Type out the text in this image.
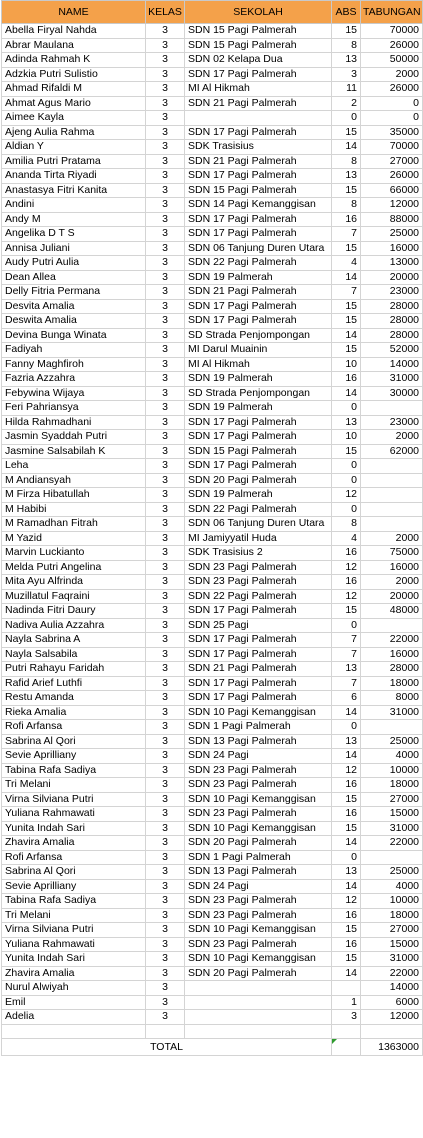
NAME	KELAS	SEKOLAH	ABS	TABUNGAN
Abella Firyal Nahda	3	SDN 15 Pagi Palmerah	15	70000
Abrar Maulana	3	SDN 15 Pagi Palmerah	8	26000
Adinda Rahmah K	3	SDN 02 Kelapa Dua	13	50000
Adzkia Putri Sulistio	3	SDN 17 Pagi Palmerah	3	2000
Ahmad Rifaldi M	3	MI Al Hikmah	11	26000
Ahmat Agus Mario	3	SDN 21 Pagi Palmerah	2	0
Aimee Kayla	3		0	0
Ajeng Aulia Rahma	3	SDN 17 Pagi Palmerah	15	35000
Aldian Y	3	SDK Trasisius	14	70000
Amilia Putri Pratama	3	SDN 21 Pagi Palmerah	8	27000
Ananda Tirta Riyadi	3	SDN 17 Pagi Palmerah	13	26000
Anastasya Fitri Kanita	3	SDN 15 Pagi Palmerah	15	66000
Andini	3	SDN 14 Pagi Kemanggisan	8	12000
Andy M	3	SDN 17 Pagi Palmerah	16	88000
Angelika D T S	3	SDN 17 Pagi Palmerah	7	25000
Annisa Juliani	3	SDN 06 Tanjung Duren Utara	15	16000
Audy Putri Aulia	3	SDN 22 Pagi Palmerah	4	13000
Dean Allea	3	SDN 19 Palmerah	14	20000
Delly Fitria Permana	3	SDN 21 Pagi Palmerah	7	23000
Desvita Amalia	3	SDN 17 Pagi Palmerah	15	28000
Deswita Amalia	3	SDN 17 Pagi Palmerah	15	28000
Devina Bunga Winata	3	SD Strada Penjompongan	14	28000
Fadiyah	3	MI Darul Muainin	15	52000
Fanny Maghfiroh	3	MI Al Hikmah	10	14000
Fazria Azzahra	3	SDN 19 Palmerah	16	31000
Febywina Wijaya	3	SD Strada Penjompongan	14	30000
Feri Pahriansya	3	SDN 19 Palmerah	0	
Hilda Rahmadhani	3	SDN 17 Pagi Palmerah	13	23000
Jasmin Syaddah Putri	3	SDN 17 Pagi Palmerah	10	2000
Jasmine Salsabilah K	3	SDN 15 Pagi Palmerah	15	62000
Leha	3	SDN 17 Pagi Palmerah	0	
M Andiansyah	3	SDN 20 Pagi Palmerah	0	
M Firza Hibatullah	3	SDN 19 Palmerah	12	
M Habibi	3	SDN 22 Pagi Palmerah	0	
M Ramadhan Fitrah	3	SDN 06 Tanjung Duren Utara	8	
M Yazid	3	MI Jamiyyatil Huda	4	2000
Marvin Luckianto	3	SDK Trasisius 2	16	75000
Melda Putri Angelina	3	SDN 23 Pagi Palmerah	12	16000
Mita Ayu Alfrinda	3	SDN 23 Pagi Palmerah	16	2000
Muzillatul Faqraini	3	SDN 22 Pagi Palmerah	12	20000
Nadinda Fitri Daury	3	SDN 17 Pagi Palmerah	15	48000
Nadiva Aulia Azzahra	3	SDN 25 Pagi	0	
Nayla Sabrina A	3	SDN 17 Pagi Palmerah	7	22000
Nayla Salsabila	3	SDN 17 Pagi Palmerah	7	16000
Putri Rahayu Faridah	3	SDN 21 Pagi Palmerah	13	28000
Rafid Arief Luthfi	3	SDN 17 Pagi Palmerah	7	18000
Restu Amanda	3	SDN 17 Pagi Palmerah	6	8000
Rieka Amalia	3	SDN 10 Pagi Kemanggisan	14	31000
Rofi Arfansa	3	SDN 1 Pagi Palmerah	0	
Sabrina Al Qori	3	SDN 13 Pagi Palmerah	13	25000
Sevie Aprilliany	3	SDN 24 Pagi	14	4000
Tabina Rafa Sadiya	3	SDN 23 Pagi Palmerah	12	10000
Tri Melani	3	SDN 23 Pagi Palmerah	16	18000
Virna Silviana Putri	3	SDN 10 Pagi Kemanggisan	15	27000
Yuliana Rahmawati	3	SDN 23 Pagi Palmerah	16	15000
Yunita Indah Sari	3	SDN 10 Pagi Kemanggisan	15	31000
Zhavira Amalia	3	SDN 20 Pagi Palmerah	14	22000
Rofi Arfansa	3	SDN 1 Pagi Palmerah	0	
Sabrina Al Qori	3	SDN 13 Pagi Palmerah	13	25000
Sevie Aprilliany	3	SDN 24 Pagi	14	4000
Tabina Rafa Sadiya	3	SDN 23 Pagi Palmerah	12	10000
Tri Melani	3	SDN 23 Pagi Palmerah	16	18000
Virna Silviana Putri	3	SDN 10 Pagi Kemanggisan	15	27000
Yuliana Rahmawati	3	SDN 23 Pagi Palmerah	16	15000
Yunita Indah Sari	3	SDN 10 Pagi Kemanggisan	15	31000
Zhavira Amalia	3	SDN 20 Pagi Palmerah	14	22000
Nurul Alwiyah	3			14000
Emil	3		1	6000
Adelia	3		3	12000

TOTAL				1363000
